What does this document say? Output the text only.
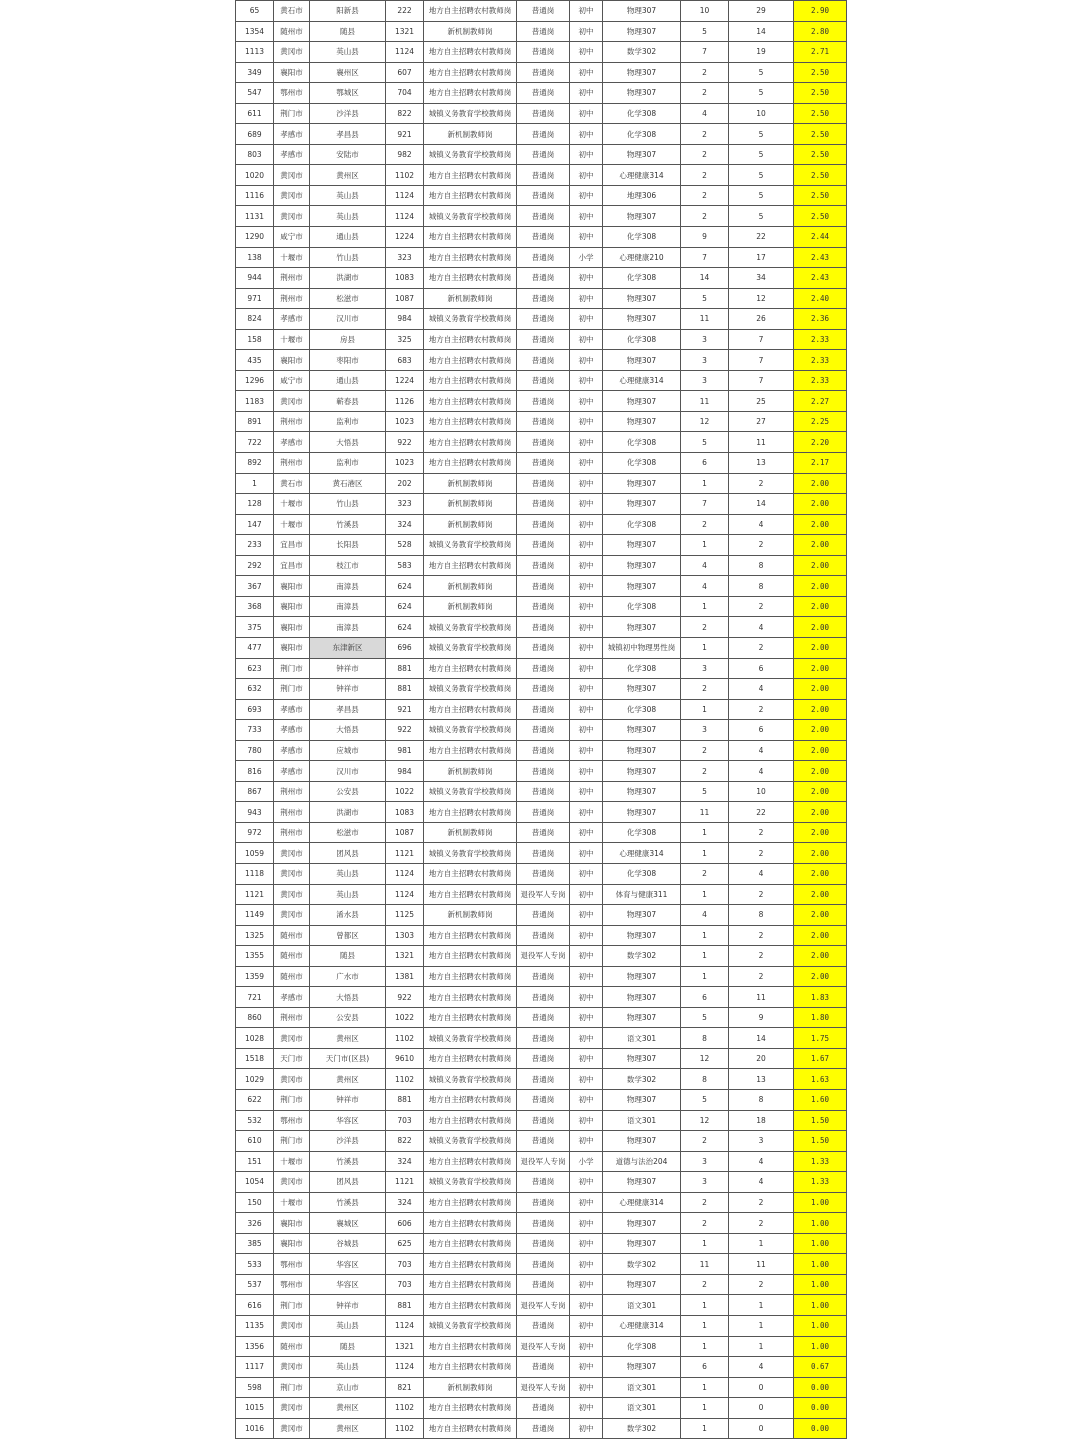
65	黄石市	阳新县	222	地方自主招聘农村教师岗	普通岗	初中	物理307	10	29	2.90
1354	随州市	随县	1321	新机制教师岗	普通岗	初中	物理307	5	14	2.80
1113	黄冈市	英山县	1124	地方自主招聘农村教师岗	普通岗	初中	数学302	7	19	2.71
349	襄阳市	襄州区	607	地方自主招聘农村教师岗	普通岗	初中	物理307	2	5	2.50
547	鄂州市	鄂城区	704	地方自主招聘农村教师岗	普通岗	初中	物理307	2	5	2.50
611	荆门市	沙洋县	822	城镇义务教育学校教师岗	普通岗	初中	化学308	4	10	2.50
689	孝感市	孝昌县	921	新机制教师岗	普通岗	初中	化学308	2	5	2.50
803	孝感市	安陆市	982	城镇义务教育学校教师岗	普通岗	初中	物理307	2	5	2.50
1020	黄冈市	黄州区	1102	地方自主招聘农村教师岗	普通岗	初中	心理健康314	2	5	2.50
1116	黄冈市	英山县	1124	地方自主招聘农村教师岗	普通岗	初中	地理306	2	5	2.50
1131	黄冈市	英山县	1124	城镇义务教育学校教师岗	普通岗	初中	物理307	2	5	2.50
1290	咸宁市	通山县	1224	地方自主招聘农村教师岗	普通岗	初中	化学308	9	22	2.44
138	十堰市	竹山县	323	地方自主招聘农村教师岗	普通岗	小学	心理健康210	7	17	2.43
944	荆州市	洪湖市	1083	地方自主招聘农村教师岗	普通岗	初中	化学308	14	34	2.43
971	荆州市	松滋市	1087	新机制教师岗	普通岗	初中	物理307	5	12	2.40
824	孝感市	汉川市	984	城镇义务教育学校教师岗	普通岗	初中	物理307	11	26	2.36
158	十堰市	房县	325	地方自主招聘农村教师岗	普通岗	初中	化学308	3	7	2.33
435	襄阳市	枣阳市	683	地方自主招聘农村教师岗	普通岗	初中	物理307	3	7	2.33
1296	咸宁市	通山县	1224	地方自主招聘农村教师岗	普通岗	初中	心理健康314	3	7	2.33
1183	黄冈市	蕲春县	1126	地方自主招聘农村教师岗	普通岗	初中	物理307	11	25	2.27
891	荆州市	监利市	1023	地方自主招聘农村教师岗	普通岗	初中	物理307	12	27	2.25
722	孝感市	大悟县	922	地方自主招聘农村教师岗	普通岗	初中	化学308	5	11	2.20
892	荆州市	监利市	1023	地方自主招聘农村教师岗	普通岗	初中	化学308	6	13	2.17
1	黄石市	黄石港区	202	新机制教师岗	普通岗	初中	物理307	1	2	2.00
128	十堰市	竹山县	323	新机制教师岗	普通岗	初中	物理307	7	14	2.00
147	十堰市	竹溪县	324	新机制教师岗	普通岗	初中	化学308	2	4	2.00
233	宜昌市	长阳县	528	城镇义务教育学校教师岗	普通岗	初中	物理307	1	2	2.00
292	宜昌市	枝江市	583	地方自主招聘农村教师岗	普通岗	初中	物理307	4	8	2.00
367	襄阳市	南漳县	624	新机制教师岗	普通岗	初中	物理307	4	8	2.00
368	襄阳市	南漳县	624	新机制教师岗	普通岗	初中	化学308	1	2	2.00
375	襄阳市	南漳县	624	城镇义务教育学校教师岗	普通岗	初中	物理307	2	4	2.00
477	襄阳市	东津新区	696	城镇义务教育学校教师岗	普通岗	初中	城镇初中物理男性岗	1	2	2.00
623	荆门市	钟祥市	881	地方自主招聘农村教师岗	普通岗	初中	化学308	3	6	2.00
632	荆门市	钟祥市	881	城镇义务教育学校教师岗	普通岗	初中	物理307	2	4	2.00
693	孝感市	孝昌县	921	地方自主招聘农村教师岗	普通岗	初中	化学308	1	2	2.00
733	孝感市	大悟县	922	城镇义务教育学校教师岗	普通岗	初中	物理307	3	6	2.00
780	孝感市	应城市	981	地方自主招聘农村教师岗	普通岗	初中	物理307	2	4	2.00
816	孝感市	汉川市	984	新机制教师岗	普通岗	初中	物理307	2	4	2.00
867	荆州市	公安县	1022	城镇义务教育学校教师岗	普通岗	初中	物理307	5	10	2.00
943	荆州市	洪湖市	1083	地方自主招聘农村教师岗	普通岗	初中	物理307	11	22	2.00
972	荆州市	松滋市	1087	新机制教师岗	普通岗	初中	化学308	1	2	2.00
1059	黄冈市	团风县	1121	城镇义务教育学校教师岗	普通岗	初中	心理健康314	1	2	2.00
1118	黄冈市	英山县	1124	地方自主招聘农村教师岗	普通岗	初中	化学308	2	4	2.00
1121	黄冈市	英山县	1124	地方自主招聘农村教师岗	退役军人专岗	初中	体育与健康311	1	2	2.00
1149	黄冈市	浠水县	1125	新机制教师岗	普通岗	初中	物理307	4	8	2.00
1325	随州市	曾都区	1303	地方自主招聘农村教师岗	普通岗	初中	物理307	1	2	2.00
1355	随州市	随县	1321	地方自主招聘农村教师岗	退役军人专岗	初中	数学302	1	2	2.00
1359	随州市	广水市	1381	地方自主招聘农村教师岗	普通岗	初中	物理307	1	2	2.00
721	孝感市	大悟县	922	地方自主招聘农村教师岗	普通岗	初中	物理307	6	11	1.83
860	荆州市	公安县	1022	地方自主招聘农村教师岗	普通岗	初中	物理307	5	9	1.80
1028	黄冈市	黄州区	1102	城镇义务教育学校教师岗	普通岗	初中	语文301	8	14	1.75
1518	天门市	天门市(区县)	9610	地方自主招聘农村教师岗	普通岗	初中	物理307	12	20	1.67
1029	黄冈市	黄州区	1102	城镇义务教育学校教师岗	普通岗	初中	数学302	8	13	1.63
622	荆门市	钟祥市	881	地方自主招聘农村教师岗	普通岗	初中	物理307	5	8	1.60
532	鄂州市	华容区	703	地方自主招聘农村教师岗	普通岗	初中	语文301	12	18	1.50
610	荆门市	沙洋县	822	城镇义务教育学校教师岗	普通岗	初中	物理307	2	3	1.50
151	十堰市	竹溪县	324	地方自主招聘农村教师岗	退役军人专岗	小学	道德与法治204	3	4	1.33
1054	黄冈市	团风县	1121	城镇义务教育学校教师岗	普通岗	初中	物理307	3	4	1.33
150	十堰市	竹溪县	324	地方自主招聘农村教师岗	普通岗	初中	心理健康314	2	2	1.00
326	襄阳市	襄城区	606	地方自主招聘农村教师岗	普通岗	初中	物理307	2	2	1.00
385	襄阳市	谷城县	625	地方自主招聘农村教师岗	普通岗	初中	物理307	1	1	1.00
533	鄂州市	华容区	703	地方自主招聘农村教师岗	普通岗	初中	数学302	11	11	1.00
537	鄂州市	华容区	703	地方自主招聘农村教师岗	普通岗	初中	物理307	2	2	1.00
616	荆门市	钟祥市	881	地方自主招聘农村教师岗	退役军人专岗	初中	语文301	1	1	1.00
1135	黄冈市	英山县	1124	城镇义务教育学校教师岗	普通岗	初中	心理健康314	1	1	1.00
1356	随州市	随县	1321	地方自主招聘农村教师岗	退役军人专岗	初中	化学308	1	1	1.00
1117	黄冈市	英山县	1124	地方自主招聘农村教师岗	普通岗	初中	物理307	6	4	0.67
598	荆门市	京山市	821	新机制教师岗	退役军人专岗	初中	语文301	1	0	0.00
1015	黄冈市	黄州区	1102	地方自主招聘农村教师岗	普通岗	初中	语文301	1	0	0.00
1016	黄冈市	黄州区	1102	地方自主招聘农村教师岗	普通岗	初中	数学302	1	0	0.00
